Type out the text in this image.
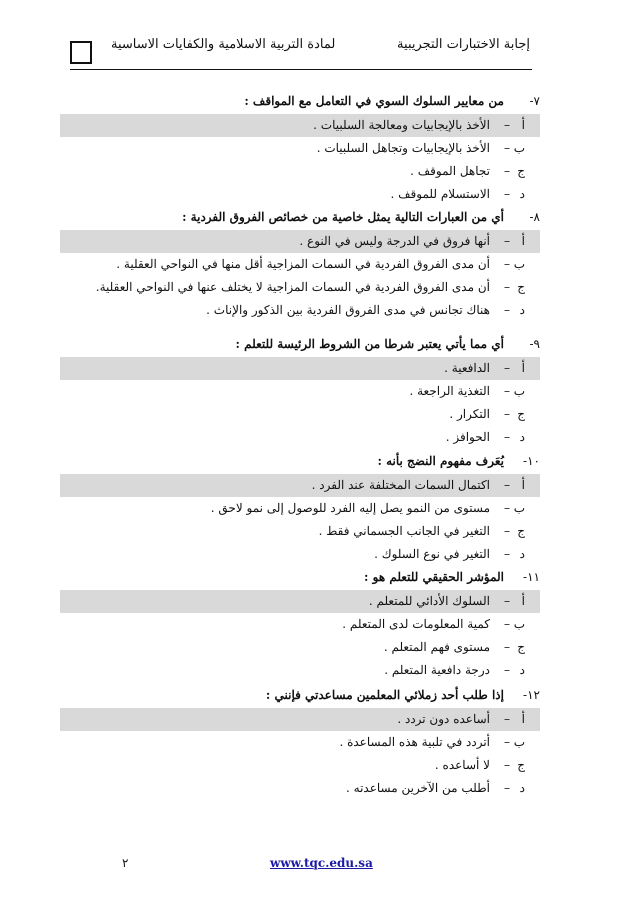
إجابة الاختبارات التجريبية
لمادة التربية الاسلامية والكفايات الاساسية
٧-
من معايير السلوك السوي في التعامل مع المواقف :
أ
–
الأخذ بالإيجابيات ومعالجة السلبيات .
ب
–
الأخذ بالإيجابيات وتجاهل السلبيات .
ج
–
تجاهل الموقف .
د
–
الاستسلام للموقف .
٨-
أي من العبارات التالية يمثل خاصية من خصائص الفروق الفردية :
أ
–
أنها فروق في الدرجة وليس في النوع .
ب
–
أن مدى الفروق الفردية في السمات المزاجية أقل منها في النواحي العقلية .
ج
–
أن مدى الفروق الفردية في السمات المزاجية لا يختلف عنها في النواحي العقلية.
د
–
هناك تجانس في مدى الفروق الفردية بين الذكور والإناث .
٩-
أي مما يأتي يعتبر شرطا من الشروط الرئيسة للتعلم :
أ
–
الدافعية .
ب
–
التغذية الراجعة .
ج
–
التكرار .
د
–
الحوافز .
١٠-
يُعَرف مفهوم النضج بأنه :
أ
–
اكتمال السمات المختلفة عند الفرد .
ب
–
مستوى من النمو يصل إليه الفرد للوصول إلى نمو لاحق .
ج
–
التغير في الجانب الجسماني فقط .
د
–
التغير في نوع السلوك .
١١-
المؤشر الحقيقي للتعلم هو :
أ
–
السلوك الأدائي للمتعلم .
ب
–
كمية المعلومات لدى المتعلم .
ج
–
مستوى فهم المتعلم .
د
–
درجة دافعية المتعلم .
١٢-
إذا طلب أحد زملائي المعلمين مساعدتي فإنني :
أ
–
أساعده دون تردد .
ب
–
أتردد في تلبية هذه المساعدة .
ج
–
لا أساعده .
د
–
أطلب من الآخرين مساعدته .
٢	www.tqc.edu.sa
